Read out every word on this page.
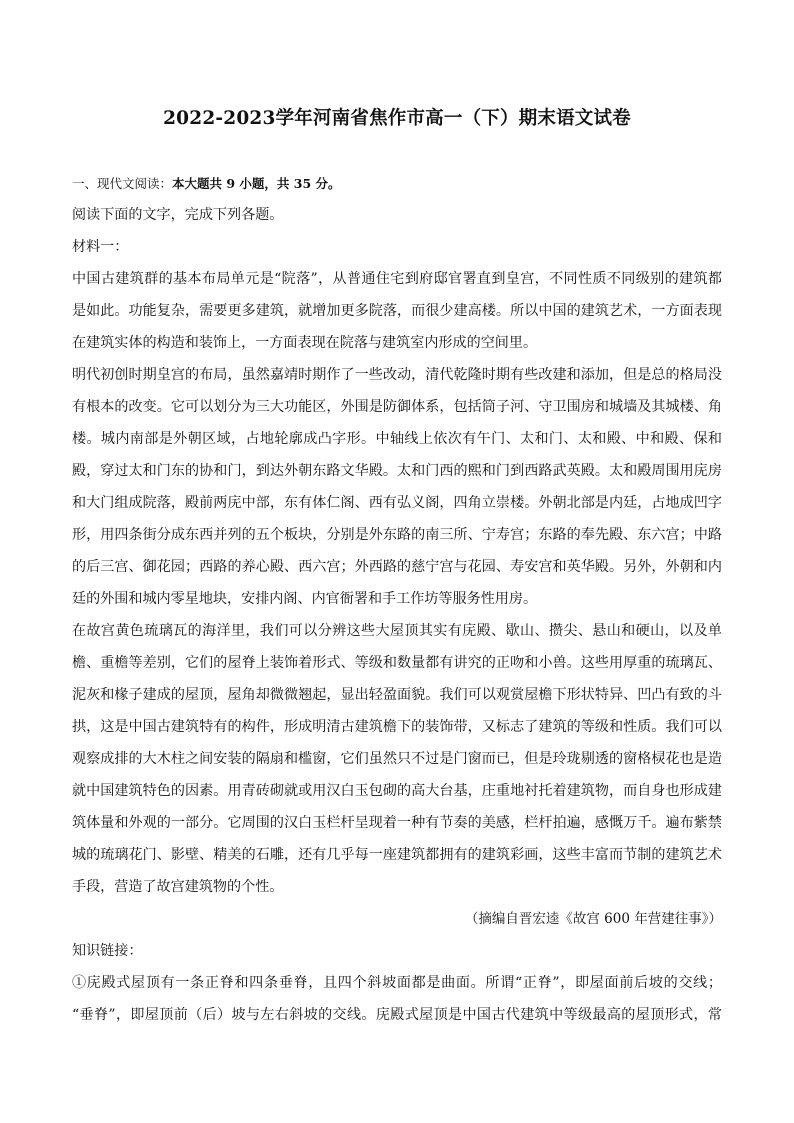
2022-2023学年河南省焦作市高一（下）期末语文试卷
一、现代文阅读：本大题共 9 小题，共 35 分。
阅读下面的文字，完成下列各题。
材料一：
中国古建筑群的基本布局单元是“院落”，从普通住宅到府邸官署直到皇宫，不同性质不同级别的建筑都
是如此。功能复杂，需要更多建筑，就增加更多院落，而很少建高楼。所以中国的建筑艺术，一方面表现
在建筑实体的构造和装饰上，一方面表现在院落与建筑室内形成的空间里。
明代初创时期皇宫的布局，虽然嘉靖时期作了一些改动，清代乾隆时期有些改建和添加，但是总的格局没
有根本的改变。它可以划分为三大功能区，外围是防御体系，包括筒子河、守卫围房和城墙及其城楼、角
楼。城内南部是外朝区域，占地轮廓成凸字形。中轴线上依次有午门、太和门、太和殿、中和殿、保和
殿，穿过太和门东的协和门，到达外朝东路文华殿。太和门西的熙和门到西路武英殿。太和殿周围用庑房
和大门组成院落，殿前两庑中部，东有体仁阁、西有弘义阁，四角立崇楼。外朝北部是内廷，占地成凹字
形，用四条街分成东西并列的五个板块，分别是外东路的南三所、宁寿宫；东路的奉先殿、东六宫；中路
的后三宫、御花园；西路的养心殿、西六宫；外西路的慈宁宫与花园、寿安宫和英华殿。另外，外朝和内
廷的外围和城内零星地块，安排内阁、内官衙署和手工作坊等服务性用房。
在故宫黄色琉璃瓦的海洋里，我们可以分辨这些大屋顶其实有庑殿、歇山、攒尖、悬山和硬山，以及单
檐、重檐等差别，它们的屋脊上装饰着形式、等级和数量都有讲究的正吻和小兽。这些用厚重的琉璃瓦、
泥灰和椽子建成的屋顶，屋角却微微翘起，显出轻盈面貌。我们可以观赏屋檐下形状特异、凹凸有致的斗
拱，这是中国古建筑特有的构件，形成明清古建筑檐下的装饰带，又标志了建筑的等级和性质。我们可以
观察成排的大木柱之间安装的隔扇和槛窗，它们虽然只不过是门窗而已，但是玲珑剔透的窗格棂花也是造
就中国建筑特色的因素。用青砖砌就或用汉白玉包砌的高大台基，庄重地衬托着建筑物，而自身也形成建
筑体量和外观的一部分。它周围的汉白玉栏杆呈现着一种有节奏的美感，栏杆拍遍，感慨万千。遍布紫禁
城的琉璃花门、影壁、精美的石雕，还有几乎每一座建筑都拥有的建筑彩画，这些丰富而节制的建筑艺术
手段，营造了故宫建筑物的个性。
（摘编自晋宏逵《故宫 600 年营建往事》）
知识链接：
①庑殿式屋顶有一条正脊和四条垂脊，且四个斜坡面都是曲面。所谓“正脊”，即屋面前后坡的交线；
“垂脊”，即屋顶前（后）坡与左右斜坡的交线。庑殿式屋顶是中国古代建筑中等级最高的屋顶形式，常
